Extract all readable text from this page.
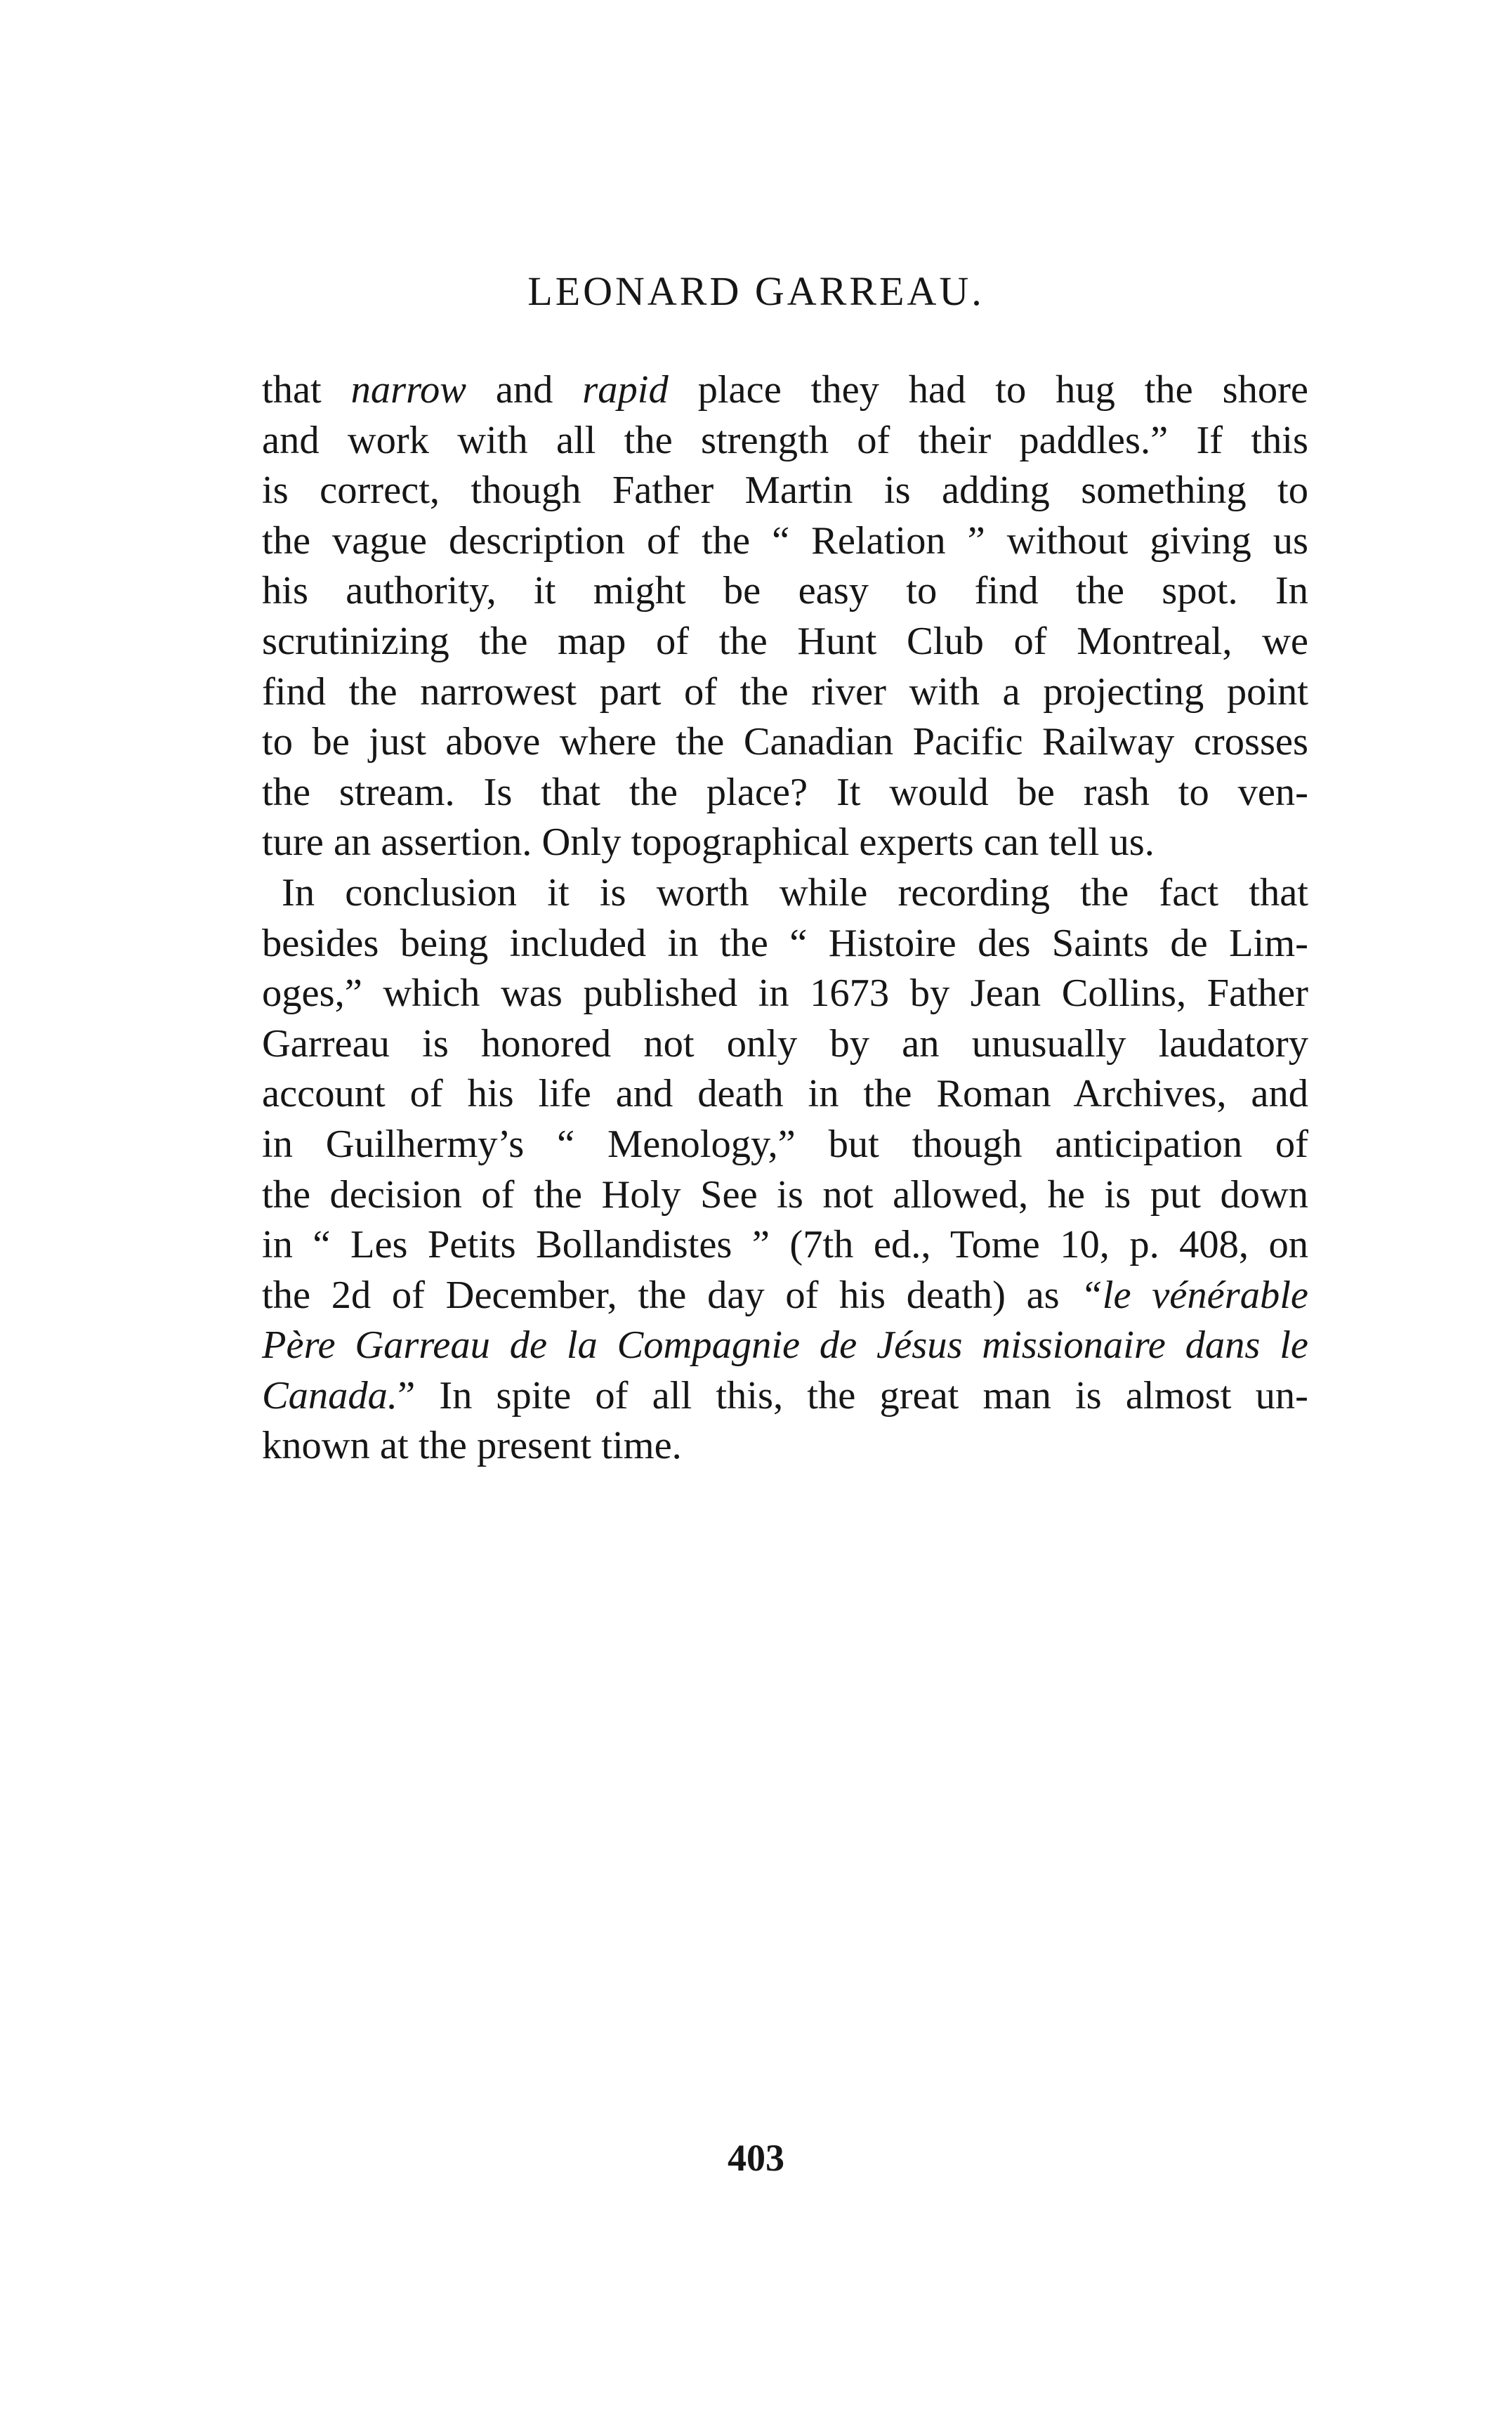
LEONARD GARREAU.
that narrow and rapid place they had to hug the shore
and work with all the strength of their paddles.” If this
is correct, though Father Martin is adding something to
the vague description of the “ Relation ” without giving us
his authority, it might be easy to find the spot. In
scrutinizing the map of the Hunt Club of Montreal, we
find the narrowest part of the river with a projecting point
to be just above where the Canadian Pacific Railway crosses
the stream. Is that the place? It would be rash to ven-
ture an assertion. Only topographical experts can tell us.
In conclusion it is worth while recording the fact that
besides being included in the “ Histoire des Saints de Lim-
oges,” which was published in 1673 by Jean Collins, Father
Garreau is honored not only by an unusually laudatory
account of his life and death in the Roman Archives, and
in Guilhermy’s “ Menology,” but though anticipation of
the decision of the Holy See is not allowed, he is put down
in “ Les Petits Bollandistes ” (7th ed., Tome 10, p. 408, on
the 2d of December, the day of his death) as “le vénérable
Père Garreau de la Compagnie de Jésus missionaire dans le
Canada.” In spite of all this, the great man is almost un-
known at the present time.
403
